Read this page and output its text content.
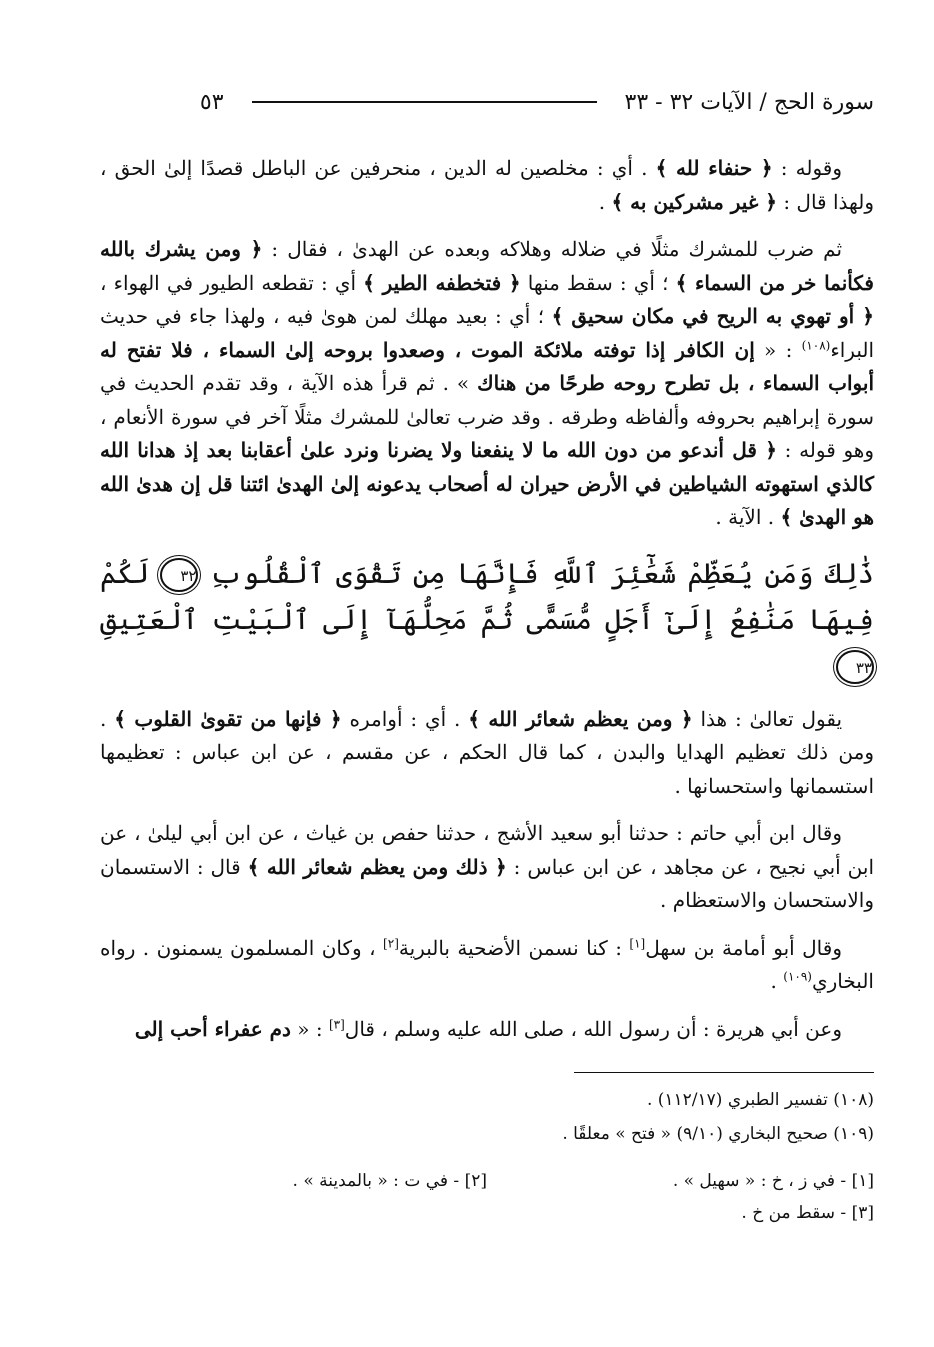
سورة الحج / الآيات ٣٢ - ٣٣
٥٣

وقوله : ﴿ حنفاء لله ﴾ . أي : مخلصين له الدين ، منحرفين عن الباطل قصدًا إلىٰ الحق ، ولهذا قال : ﴿ غير مشركين به ﴾ .

ثم ضرب للمشرك مثلًا في ضلاله وهلاكه وبعده عن الهدىٰ ، فقال : ﴿ ومن يشرك بالله فكأنما خر من السماء ﴾ ؛ أي : سقط منها ﴿ فتخطفه الطير ﴾ أي : تقطعه الطيور في الهواء ، ﴿ أو تهوي به الريح في مكان سحيق ﴾ ؛ أي : بعيد مهلك لمن هوىٰ فيه ، ولهذا جاء في حديث البراء$^{(١٠٨)}$ : « إن الكافر إذا توفته ملائكة الموت ، وصعدوا بروحه إلىٰ السماء ، فلا تفتح له أبواب السماء ، بل تطرح روحه طرحًا من هناك » . ثم قرأ هذه الآية ، وقد تقدم الحديث في سورة إبراهيم بحروفه وألفاظه وطرقه . وقد ضرب تعالىٰ للمشرك مثلًا آخر في سورة الأنعام ، وهو قوله : ﴿ قل أندعو من دون الله ما لا ينفعنا ولا يضرنا ونرد علىٰ أعقابنا بعد إذ هدانا الله كالذي استهوته الشياطين في الأرض حيران له أصحاب يدعونه إلىٰ الهدىٰ ائتنا قل إن هدىٰ الله هو الهدىٰ ﴾ . الآية .

ذَٰلِكَ وَمَن يُعَظِّمْ شَعَٰٓئِرَ ٱللَّهِ فَإِنَّهَا مِن تَقْوَى ٱلْقُلُوبِ ٣٢ لَكُمْ فِيهَا مَنَٰفِعُ إِلَىٰٓ أَجَلٍ مُّسَمًّى ثُمَّ مَحِلُّهَآ إِلَى ٱلْبَيْتِ ٱلْعَتِيقِ ٣٣

يقول تعالىٰ : هذا ﴿ ومن يعظم شعائر الله ﴾ . أي : أوامره ﴿ فإنها من تقوىٰ القلوب ﴾ . ومن ذلك تعظيم الهدايا والبدن ، كما قال الحكم ، عن مقسم ، عن ابن عباس : تعظيمها استسمانها واستحسانها .

وقال ابن أبي حاتم : حدثنا أبو سعيد الأشج ، حدثنا حفص بن غياث ، عن ابن أبي ليلىٰ ، عن ابن أبي نجيح ، عن مجاهد ، عن ابن عباس : ﴿ ذلك ومن يعظم شعائر الله ﴾ قال : الاستسمان والاستحسان والاستعظام .

وقال أبو أمامة بن سهل[١] : كنا نسمن الأضحية بالبرية[٢] ، وكان المسلمون يسمنون . رواه البخاري$^{(١٠٩)}$ .

وعن أبي هريرة : أن رسول الله ، صلى الله عليه وسلم ، قال[٣] : « دم عفراء أحب إلى

(١٠٨) تفسير الطبري (١١٢/١٧) .
(١٠٩) صحيح البخاري (٩/١٠) « فتح » معلقًا .
[١] - في ز ، خ : « سهيل » .
[٢] - في ت : « بالمدينة » .
[٣] - سقط من خ .
